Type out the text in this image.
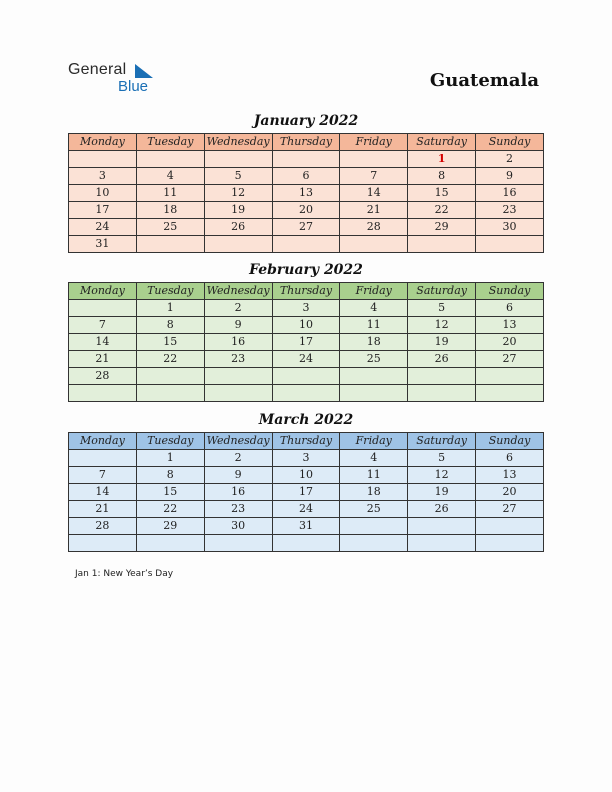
General
Blue	Guatemala
January 2022
Monday	Tuesday	Wednesday	Thursday	Friday	Saturday	Sunday
					1	2
3	4	5	6	7	8	9
10	11	12	13	14	15	16
17	18	19	20	21	22	23
24	25	26	27	28	29	30
31						
February 2022
Monday	Tuesday	Wednesday	Thursday	Friday	Saturday	Sunday
	1	2	3	4	5	6
7	8	9	10	11	12	13
14	15	16	17	18	19	20
21	22	23	24	25	26	27
28						

March 2022
Monday	Tuesday	Wednesday	Thursday	Friday	Saturday	Sunday
	1	2	3	4	5	6
7	8	9	10	11	12	13
14	15	16	17	18	19	20
21	22	23	24	25	26	27
28	29	30	31			

Jan 1: New Year’s Day
